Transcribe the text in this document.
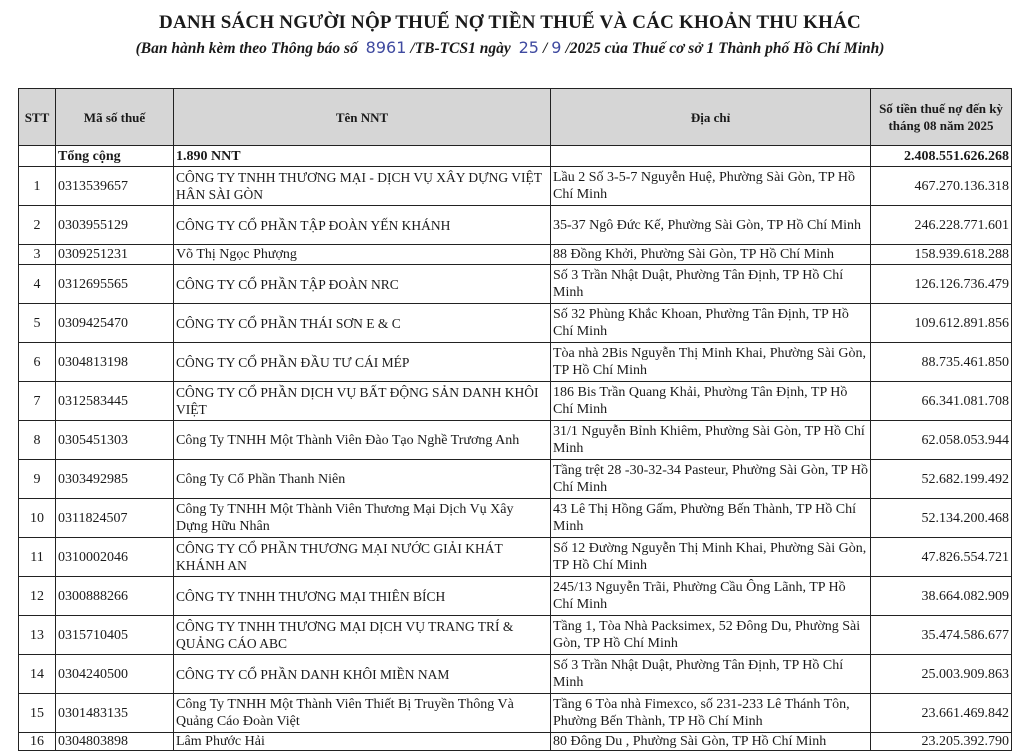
DANH SÁCH NGƯỜI NỘP THUẾ NỢ TIỀN THUẾ VÀ CÁC KHOẢN THU KHÁC
(Ban hành kèm theo Thông báo số 8961 /TB-TCS1 ngày 25 / 9 /2025 của Thuế cơ sở 1 Thành phố Hồ Chí Minh)
STT	Mã số thuế	Tên NNT	Địa chỉ	Số tiền thuế nợ đến kỳ tháng 08 năm 2025
	Tổng cộng	1.890 NNT		2.408.551.626.268
1	0313539657	CÔNG TY TNHH THƯƠNG MẠI - DỊCH VỤ XÂY DỰNG VIỆT HÂN SÀI GÒN	Lầu 2 Số 3-5-7 Nguyễn Huệ, Phường Sài Gòn, TP Hồ Chí Minh	467.270.136.318
2	0303955129	CÔNG TY CỔ PHẦN TẬP ĐOÀN YẾN KHÁNH	35-37 Ngô Đức Kế, Phường Sài Gòn, TP Hồ Chí Minh	246.228.771.601
3	0309251231	Võ Thị Ngọc Phượng	88 Đồng Khởi, Phường Sài Gòn, TP Hồ Chí Minh	158.939.618.288
4	0312695565	CÔNG TY CỔ PHẦN TẬP ĐOÀN NRC	Số 3 Trần Nhật Duật, Phường Tân Định, TP Hồ Chí Minh	126.126.736.479
5	0309425470	CÔNG TY CỔ PHẦN THÁI SƠN E & C	Số 32 Phùng Khắc Khoan, Phường Tân Định, TP Hồ Chí Minh	109.612.891.856
6	0304813198	CÔNG TY CỔ PHẦN ĐẦU TƯ CÁI MÉP	Tòa nhà 2Bis Nguyễn Thị Minh Khai, Phường Sài Gòn, TP Hồ Chí Minh	88.735.461.850
7	0312583445	CÔNG TY CỔ PHẦN DỊCH VỤ BẤT ĐỘNG SẢN DANH KHÔI VIỆT	186 Bis Trần Quang Khải, Phường Tân Định, TP Hồ Chí Minh	66.341.081.708
8	0305451303	Công Ty TNHH Một Thành Viên Đào Tạo Nghề Trương Anh	31/1 Nguyễn Bỉnh Khiêm, Phường Sài Gòn, TP Hồ Chí Minh	62.058.053.944
9	0303492985	Công Ty Cổ Phần Thanh Niên	Tầng trệt 28 -30-32-34 Pasteur, Phường Sài Gòn, TP Hồ Chí Minh	52.682.199.492
10	0311824507	Công Ty TNHH Một Thành Viên Thương Mại Dịch Vụ Xây Dựng Hữu Nhân	43 Lê Thị Hồng Gấm, Phường Bến Thành, TP Hồ Chí Minh	52.134.200.468
11	0310002046	CÔNG TY CỔ PHẦN THƯƠNG MẠI NƯỚC GIẢI KHÁT KHÁNH AN	Số 12 Đường Nguyễn Thị Minh Khai, Phường Sài Gòn, TP Hồ Chí Minh	47.826.554.721
12	0300888266	CÔNG TY TNHH THƯƠNG MẠI THIÊN BÍCH	245/13 Nguyễn Trãi, Phường Cầu Ông Lãnh, TP Hồ Chí Minh	38.664.082.909
13	0315710405	CÔNG TY TNHH THƯƠNG MẠI DỊCH VỤ TRANG TRÍ & QUẢNG CÁO ABC	Tầng 1, Tòa Nhà Packsimex, 52 Đông Du, Phường Sài Gòn, TP Hồ Chí Minh	35.474.586.677
14	0304240500	CÔNG TY CỔ PHẦN DANH KHÔI MIỀN NAM	Số 3 Trần Nhật Duật, Phường Tân Định, TP Hồ Chí Minh	25.003.909.863
15	0301483135	Công Ty TNHH Một Thành Viên Thiết Bị Truyền Thông Và Quảng Cáo Đoàn Việt	Tầng 6 Tòa nhà Fimexco, số 231-233 Lê Thánh Tôn, Phường Bến Thành, TP Hồ Chí Minh	23.661.469.842
16	0304803898	Lâm Phước Hải	80 Đông Du , Phường Sài Gòn, TP Hồ Chí Minh	23.205.392.790
